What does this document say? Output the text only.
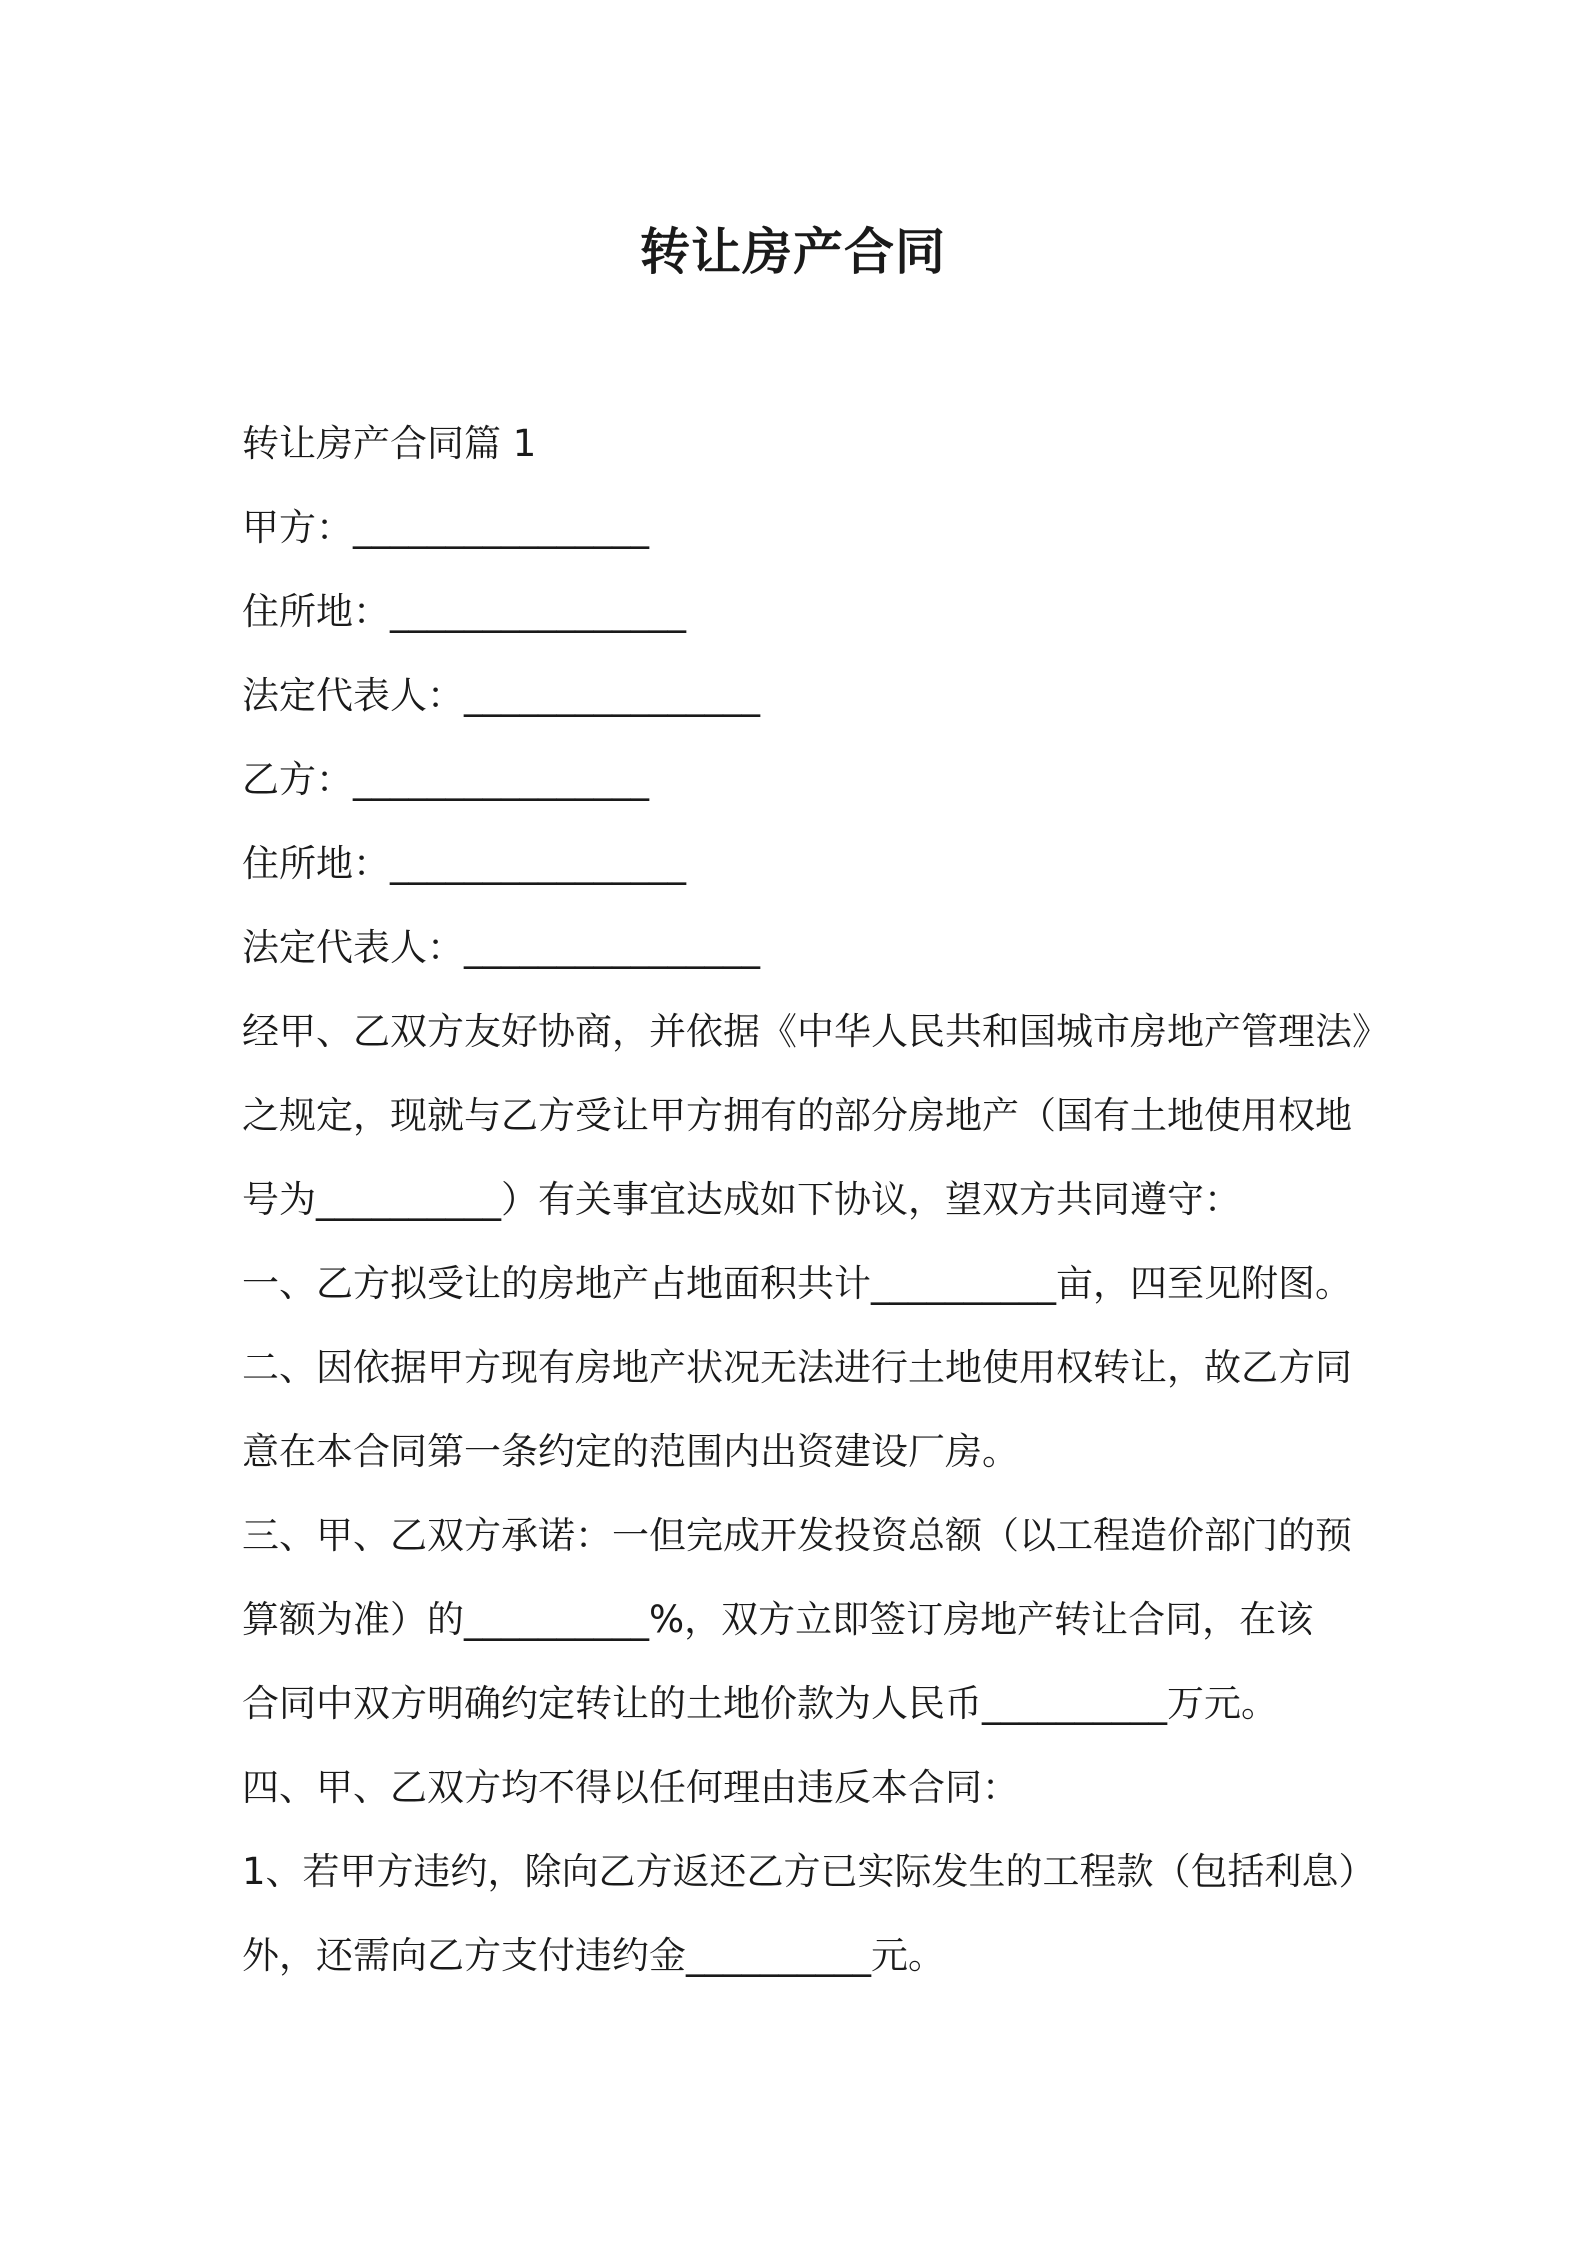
转让房产合同

转让房产合同篇 1

甲方：________________

住所地：________________

法定代表人：________________

乙方：________________

住所地：________________

法定代表人：________________

经甲、乙双方友好协商，并依据《中华人民共和国城市房地产管理法》

之规定，现就与乙方受让甲方拥有的部分房地产（国有土地使用权地

号为__________）有关事宜达成如下协议，望双方共同遵守：

一、乙方拟受让的房地产占地面积共计__________亩，四至见附图。

二、因依据甲方现有房地产状况无法进行土地使用权转让，故乙方同

意在本合同第一条约定的范围内出资建设厂房。

三、甲、乙双方承诺：一但完成开发投资总额（以工程造价部门的预

算额为准）的__________%，双方立即签订房地产转让合同，在该

合同中双方明确约定转让的土地价款为人民币__________万元。

四、甲、乙双方均不得以任何理由违反本合同：

1、若甲方违约，除向乙方返还乙方已实际发生的工程款（包括利息）

外，还需向乙方支付违约金__________元。
